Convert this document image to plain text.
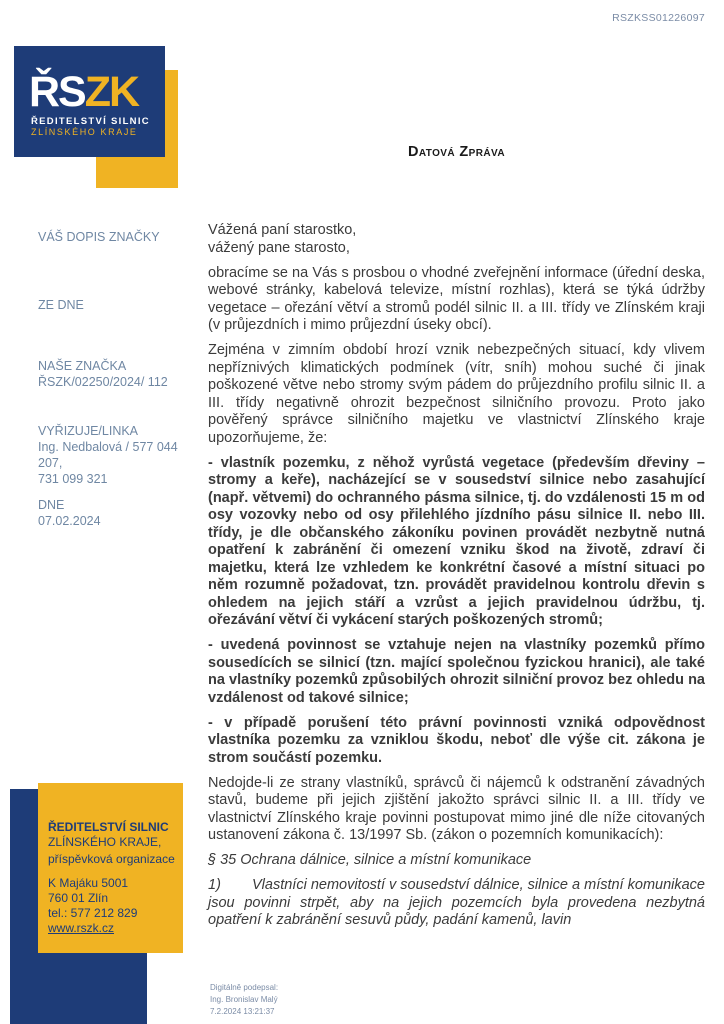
RSZKSS01226097
ŘSZK
ŘEDITELSTVÍ SILNIC
ZLÍNSKÉHO KRAJE
Datová Zpráva
VÁŠ DOPIS ZNAČKY
ZE DNE
NAŠE ZNAČKA
ŘSZK/02250/2024/ 112
VYŘIZUJE/LINKA
Ing. Nedbalová / 577 044 207,
731 099 321
DNE
07.02.2024

Vážená paní starostko,
vážený pane starosto,

obracíme se na Vás s prosbou o vhodné zveřejnění informace (úřední deska, webové stránky, kabelová televize, místní rozhlas), která se týká údržby vegetace – ořezání větví a stromů podél silnic II. a III. třídy ve Zlínském kraji (v průjezdních i mimo průjezdní úseky obcí).

Zejména v zimním období hrozí vznik nebezpečných situací, kdy vlivem nepříznivých klimatických podmínek (vítr, sníh) mohou suché či jinak poškozené větve nebo stromy svým pádem do průjezdního profilu silnic II. a III. třídy negativně ohrozit bezpečnost silničního provozu. Proto jako pověřený správce silničního majetku ve vlastnictví Zlínského kraje upozorňujeme, že:

- vlastník pozemku, z něhož vyrůstá vegetace (především dřeviny – stromy a keře), nacházející se v sousedství silnice nebo zasahující (např. větvemi) do ochranného pásma silnice, tj. do vzdálenosti 15 m od osy vozovky nebo od osy přilehlého jízdního pásu silnice II. nebo III. třídy, je dle občanského zákoníku povinen provádět nezbytně nutná opatření k zabránění či omezení vzniku škod na životě, zdraví či majetku, která lze vzhledem ke konkrétní časové a místní situaci po něm rozumně požadovat, tzn. provádět pravidelnou kontrolu dřevin s ohledem na jejich stáří a vzrůst a jejich pravidelnou údržbu, tj. ořezávání větví či vykácení starých poškozených stromů;

- uvedená povinnost se vztahuje nejen na vlastníky pozemků přímo sousedících se silnicí (tzn. mající společnou fyzickou hranici), ale také na vlastníky pozemků způsobilých ohrozit silniční provoz bez ohledu na vzdálenost od takové silnice;

- v případě porušení této právní povinnosti vzniká odpovědnost vlastníka pozemku za vzniklou škodu, neboť dle výše cit. zákona je strom součástí pozemku.

Nedojde-li ze strany vlastníků, správců či nájemců k odstranění závadných stavů, budeme při jejich zjištění jakožto správci silnic II. a III. třídy ve vlastnictví Zlínského kraje povinni postupovat mimo jiné dle níže citovaných ustanovení zákona č. 13/1997 Sb. (zákon o pozemních komunikacích):

§ 35 Ochrana dálnice, silnice a místní komunikace

1) Vlastníci nemovitostí v sousedství dálnice, silnice a místní komunikace jsou povinni strpět, aby na jejich pozemcích byla provedena nezbytná opatření k zabránění sesuvů půdy, padání kamenů, lavin

ŘEDITELSTVÍ SILNIC
ZLÍNSKÉHO KRAJE,
příspěvková organizace
K Majáku 5001
760 01 Zlín
tel.: 577 212 829
www.rszk.cz
Digitálně podepsal:
Ing. Bronislav Malý
7.2.2024 13:21:37
